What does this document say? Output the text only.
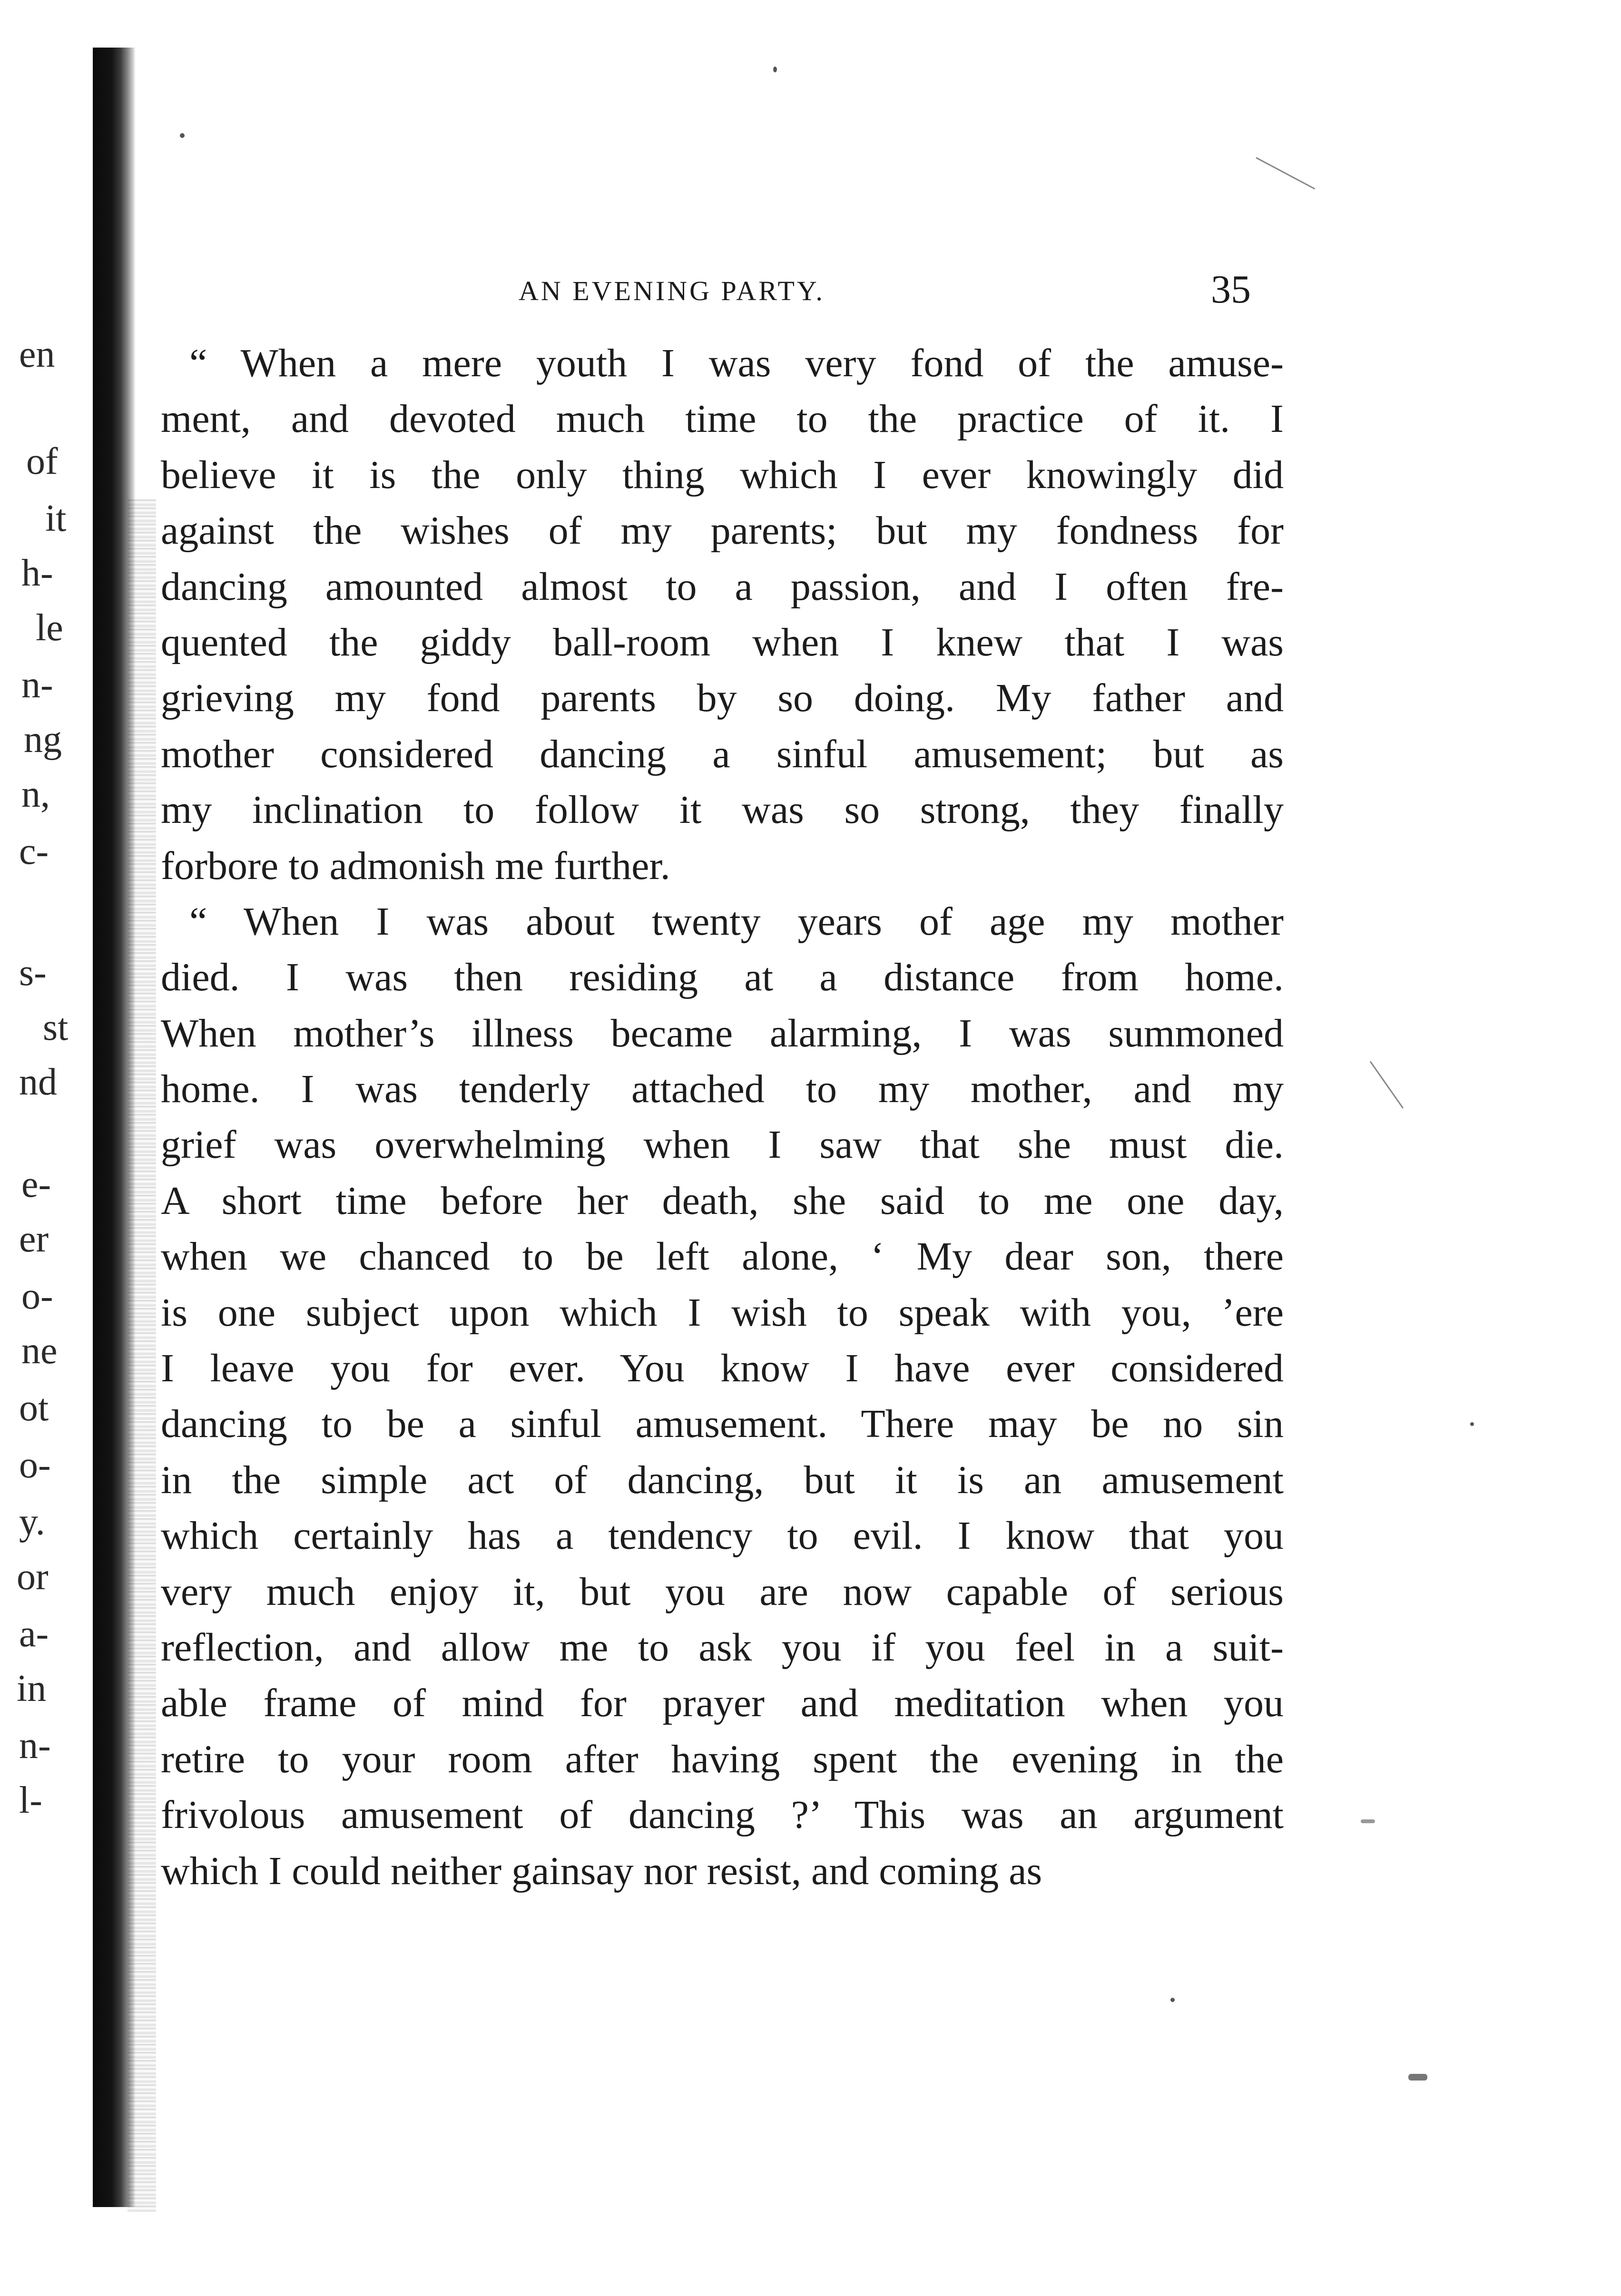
en
of
it
h-
le
n-
ng
n,
c-
s-
st
nd
e-
er
o-
ne
ot
o-
y.
or
a-
in
n-
l-
AN EVENING PARTY.	35
“ When a mere youth I was very fond of the amuse-
ment, and devoted much time to the practice of it. I
believe it is the only thing which I ever knowingly did
against the wishes of my parents; but my fondness for
dancing amounted almost to a passion, and I often fre-
quented the giddy ball-room when I knew that I was
grieving my fond parents by so doing. My father and
mother considered dancing a sinful amusement; but as
my inclination to follow it was so strong, they finally
forbore to admonish me further.
“ When I was about twenty years of age my mother
died. I was then residing at a distance from home.
When mother’s illness became alarming, I was summoned
home. I was tenderly attached to my mother, and my
grief was overwhelming when I saw that she must die.
A short time before her death, she said to me one day,
when we chanced to be left alone, ‘ My dear son, there
is one subject upon which I wish to speak with you, ’ere
I leave you for ever. You know I have ever considered
dancing to be a sinful amusement. There may be no sin
in the simple act of dancing, but it is an amusement
which certainly has a tendency to evil. I know that you
very much enjoy it, but you are now capable of serious
reflection, and allow me to ask you if you feel in a suit-
able frame of mind for prayer and meditation when you
retire to your room after having spent the evening in the
frivolous amusement of dancing ?’ This was an argument
which I could neither gainsay nor resist, and coming as
